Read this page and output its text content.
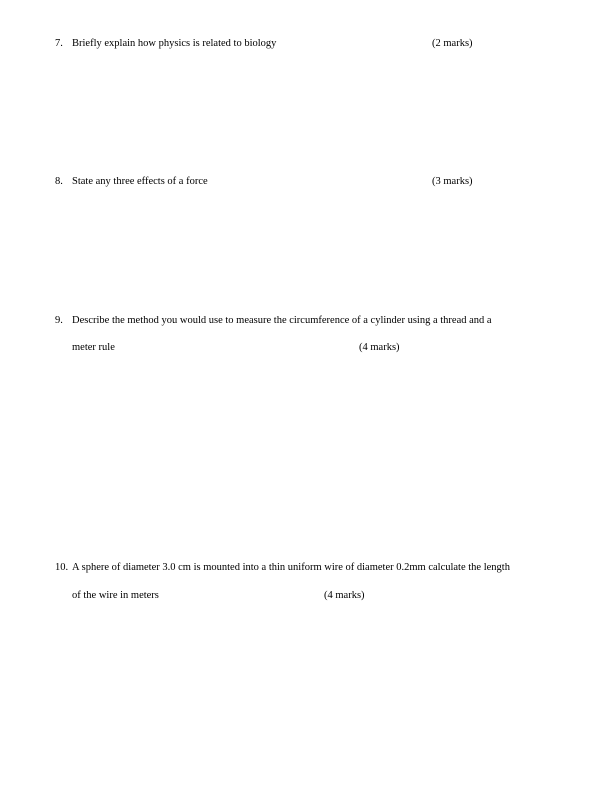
7. Briefly explain how physics is related to biology	(2 marks)
8. State any three effects of a force	(3 marks)
9. Describe the method you would use to measure the circumference of a cylinder using a thread and a
meter rule	(4 marks)
10. A sphere of diameter 3.0 cm is mounted into a thin uniform wire of diameter 0.2mm calculate the length
of the wire in meters	(4 marks)
